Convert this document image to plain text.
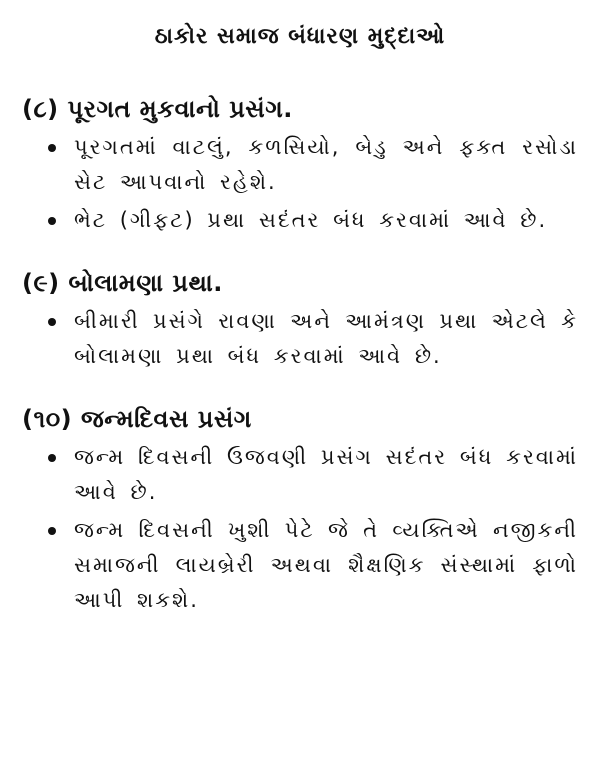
ઠાકોર સમાજ બંધારણ મુદ્દાઓ
(૮) પૂરગત મુકવાનો પ્રસંગ.
પૂરગતમાં વાટલું, કળસિયો, બેડુ અને ફક્ત રસોડા સેટ આપવાનો રહેશે.
ભેટ (ગીફટ) પ્રથા સદંતર બંધ કરવામાં આવે છે.
(૯) બોલામણા પ્રથા.
બીમારી પ્રસંગે રાવણા અને આમંત્રણ પ્રથા એટલે કે બોલામણા પ્રથા બંધ કરવામાં આવે છે.
(૧૦) જન્મદિવસ પ્રસંગ
જન્મ દિવસની ઉજવણી પ્રસંગ સદંતર બંધ કરવામાં આવે છે.
જન્મ દિવસની ખુશી પેટે જે તે વ્યક્તિએ નજીકની સમાજની લાયબ્રેરી અથવા શૈક્ષણિક સંસ્થામાં ફાળો આપી શકશે.
